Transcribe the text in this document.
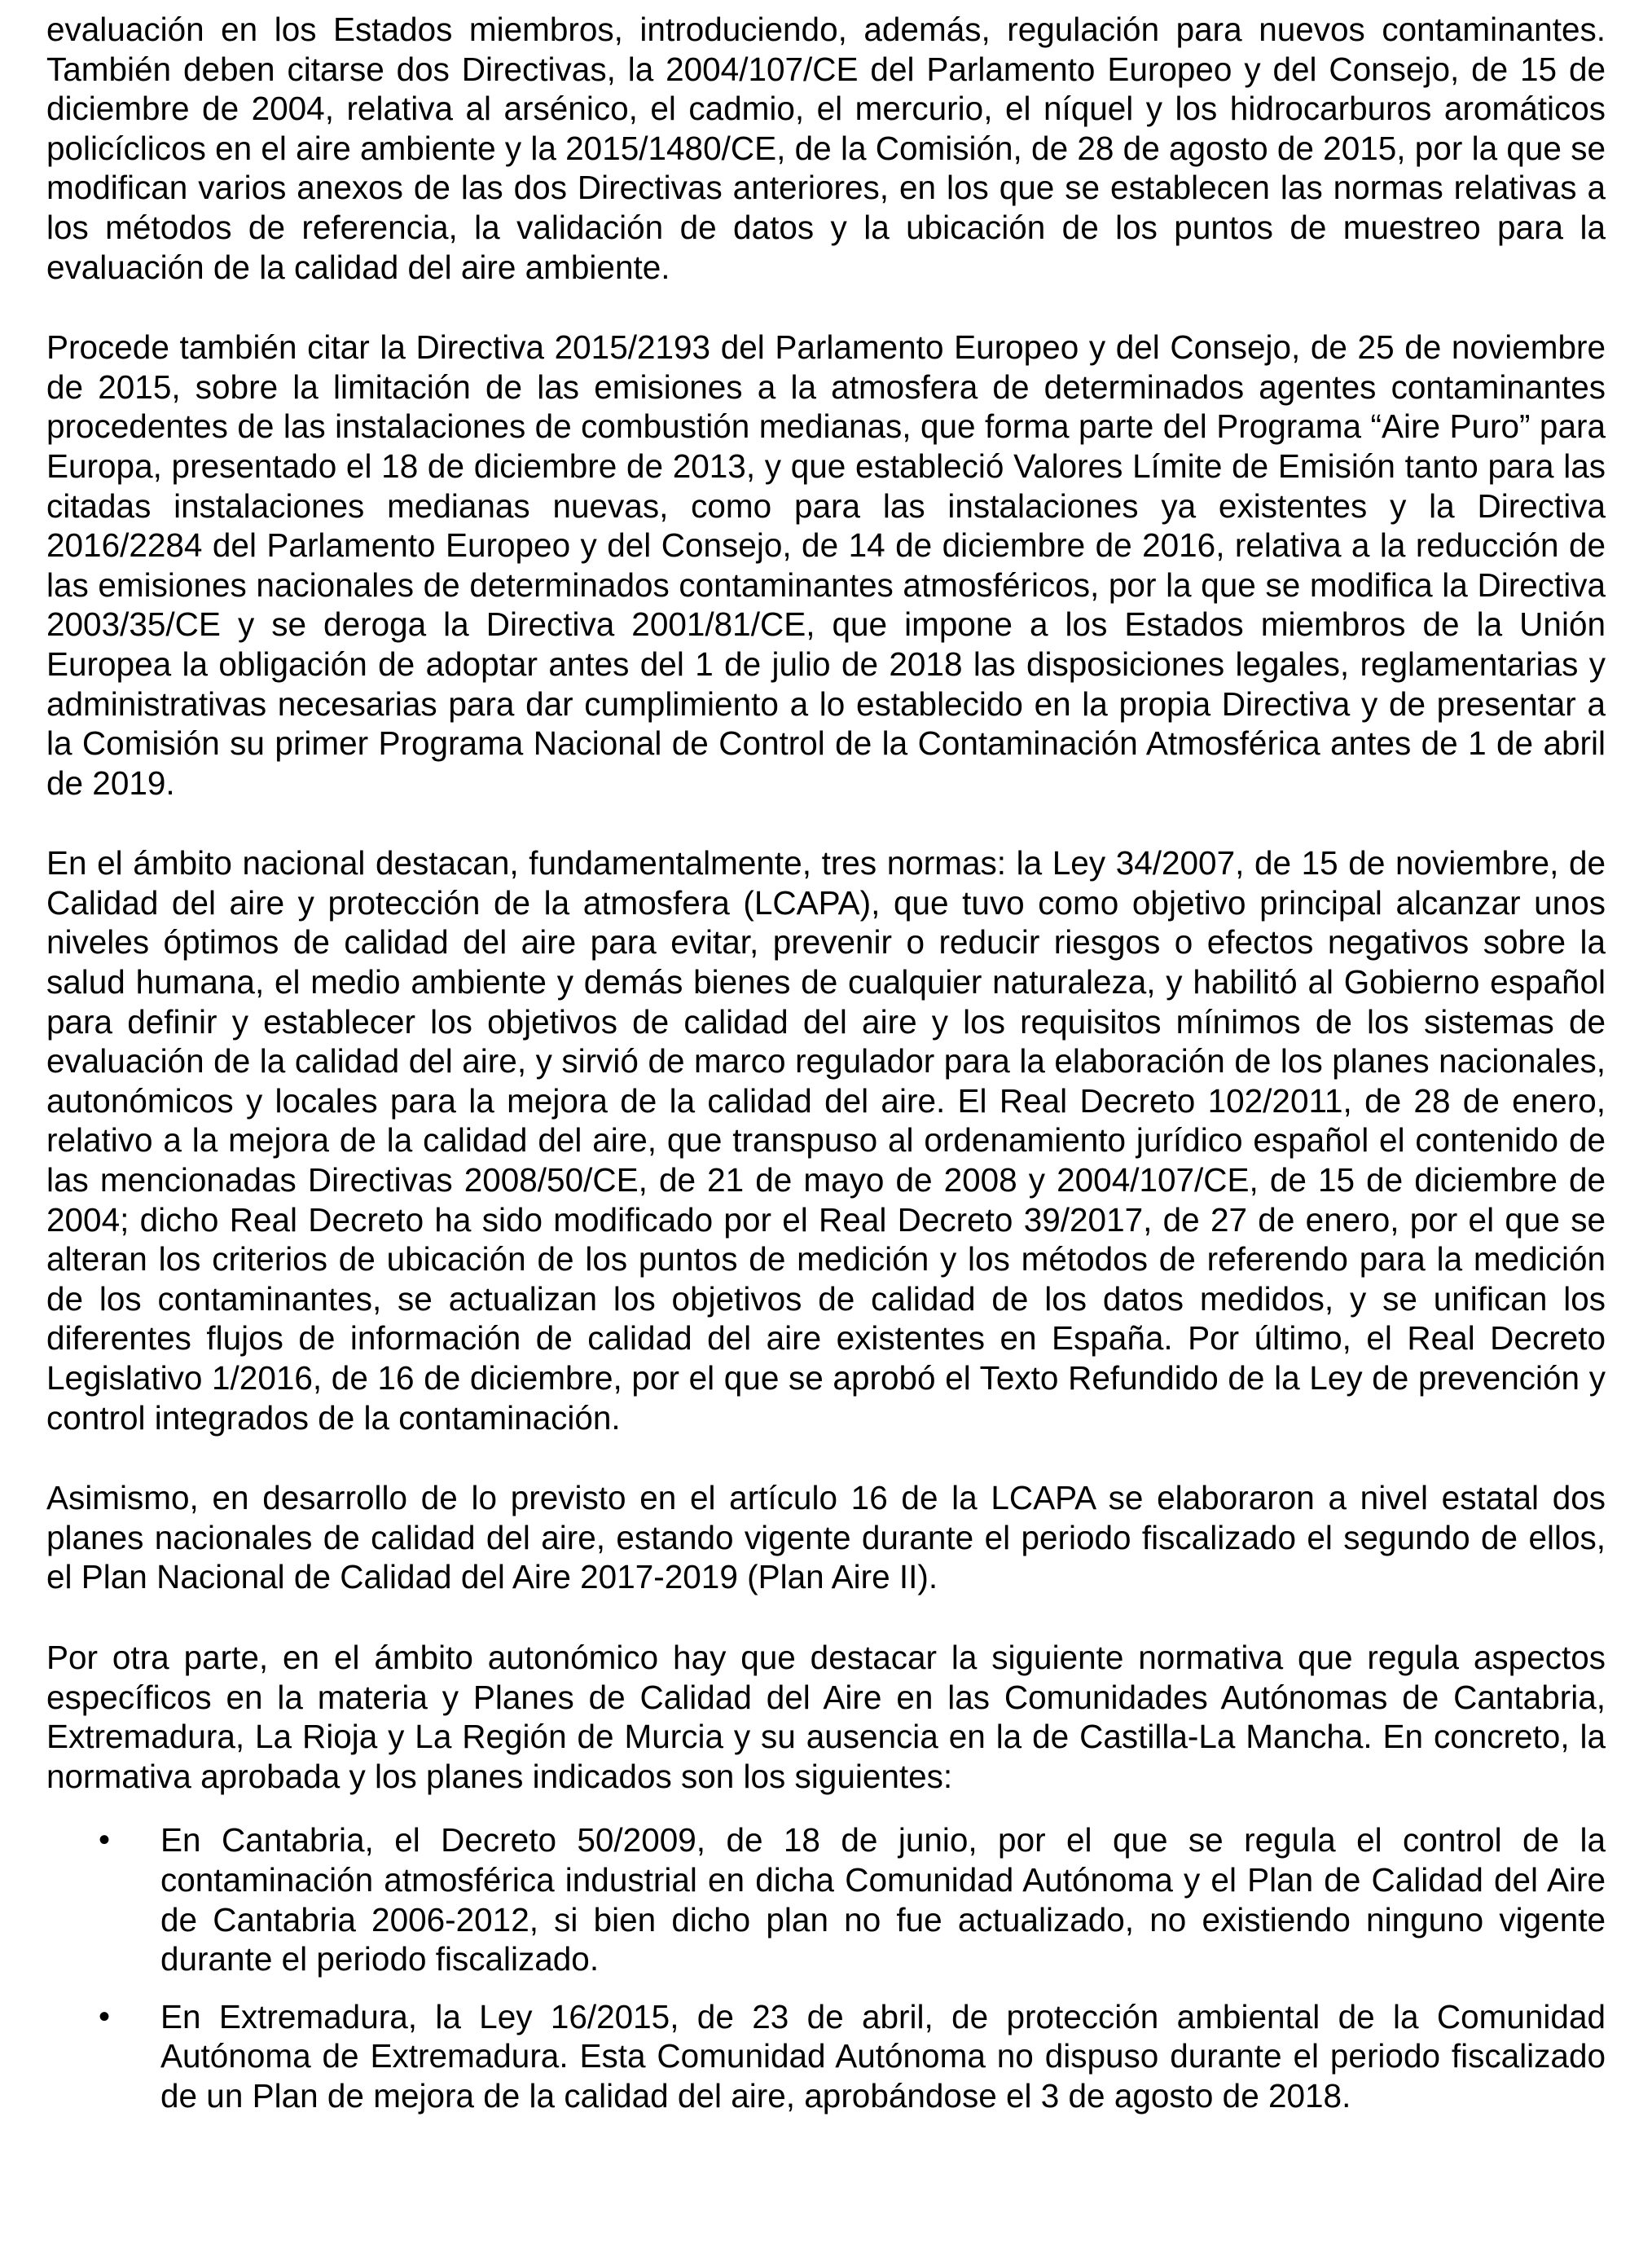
evaluación en los Estados miembros, introduciendo, además, regulación para nuevos contaminantes. También deben citarse dos Directivas, la 2004/107/CE del Parlamento Europeo y del Consejo, de 15 de diciembre de 2004, relativa al arsénico, el cadmio, el mercurio, el níquel y los hidrocarburos aromáticos policíclicos en el aire ambiente y la 2015/1480/CE, de la Comisión, de 28 de agosto de 2015, por la que se modifican varios anexos de las dos Directivas anteriores, en los que se establecen las normas relativas a los métodos de referencia, la validación de datos y la ubicación de los puntos de muestreo para la evaluación de la calidad del aire ambiente.

Procede también citar la Directiva 2015/2193 del Parlamento Europeo y del Consejo, de 25 de noviembre de 2015, sobre la limitación de las emisiones a la atmosfera de determinados agentes contaminantes procedentes de las instalaciones de combustión medianas, que forma parte del Programa “Aire Puro” para Europa, presentado el 18 de diciembre de 2013, y que estableció Valores Límite de Emisión tanto para las citadas instalaciones medianas nuevas, como para las instalaciones ya existentes y la Directiva 2016/2284 del Parlamento Europeo y del Consejo, de 14 de diciembre de 2016, relativa a la reducción de las emisiones nacionales de determinados contaminantes atmosféricos, por la que se modifica la Directiva 2003/35/CE y se deroga la Directiva 2001/81/CE, que impone a los Estados miembros de la Unión Europea la obligación de adoptar antes del 1 de julio de 2018 las disposiciones legales, reglamentarias y administrativas necesarias para dar cumplimiento a lo establecido en la propia Directiva y de presentar a la Comisión su primer Programa Nacional de Control de la Contaminación Atmosférica antes de 1 de abril de 2019.

En el ámbito nacional destacan, fundamentalmente, tres normas: la Ley 34/2007, de 15 de noviembre, de Calidad del aire y protección de la atmosfera (LCAPA), que tuvo como objetivo principal alcanzar unos niveles óptimos de calidad del aire para evitar, prevenir o reducir riesgos o efectos negativos sobre la salud humana, el medio ambiente y demás bienes de cualquier naturaleza, y habilitó al Gobierno español para definir y establecer los objetivos de calidad del aire y los requisitos mínimos de los sistemas de evaluación de la calidad del aire, y sirvió de marco regulador para la elaboración de los planes nacionales, autonómicos y locales para la mejora de la calidad del aire. El Real Decreto 102/2011, de 28 de enero, relativo a la mejora de la calidad del aire, que transpuso al ordenamiento jurídico español el contenido de las mencionadas Directivas 2008/50/CE, de 21 de mayo de 2008 y 2004/107/CE, de 15 de diciembre de 2004; dicho Real Decreto ha sido modificado por el Real Decreto 39/2017, de 27 de enero, por el que se alteran los criterios de ubicación de los puntos de medición y los métodos de referendo para la medición de los contaminantes, se actualizan los objetivos de calidad de los datos medidos, y se unifican los diferentes flujos de información de calidad del aire existentes en España. Por último, el Real Decreto Legislativo 1/2016, de 16 de diciembre, por el que se aprobó el Texto Refundido de la Ley de prevención y control integrados de la contaminación.

Asimismo, en desarrollo de lo previsto en el artículo 16 de la LCAPA se elaboraron a nivel estatal dos planes nacionales de calidad del aire, estando vigente durante el periodo fiscalizado el segundo de ellos, el Plan Nacional de Calidad del Aire 2017-2019 (Plan Aire II).

Por otra parte, en el ámbito autonómico hay que destacar la siguiente normativa que regula aspectos específicos en la materia y Planes de Calidad del Aire en las Comunidades Autónomas de Cantabria, Extremadura, La Rioja y La Región de Murcia y su ausencia en la de Castilla-La Mancha. En concreto, la normativa aprobada y los planes indicados son los siguientes:

• En Cantabria, el Decreto 50/2009, de 18 de junio, por el que se regula el control de la contaminación atmosférica industrial en dicha Comunidad Autónoma y el Plan de Calidad del Aire de Cantabria 2006-2012, si bien dicho plan no fue actualizado, no existiendo ninguno vigente durante el periodo fiscalizado.
• En Extremadura, la Ley 16/2015, de 23 de abril, de protección ambiental de la Comunidad Autónoma de Extremadura. Esta Comunidad Autónoma no dispuso durante el periodo fiscalizado de un Plan de mejora de la calidad del aire, aprobándose el 3 de agosto de 2018.
